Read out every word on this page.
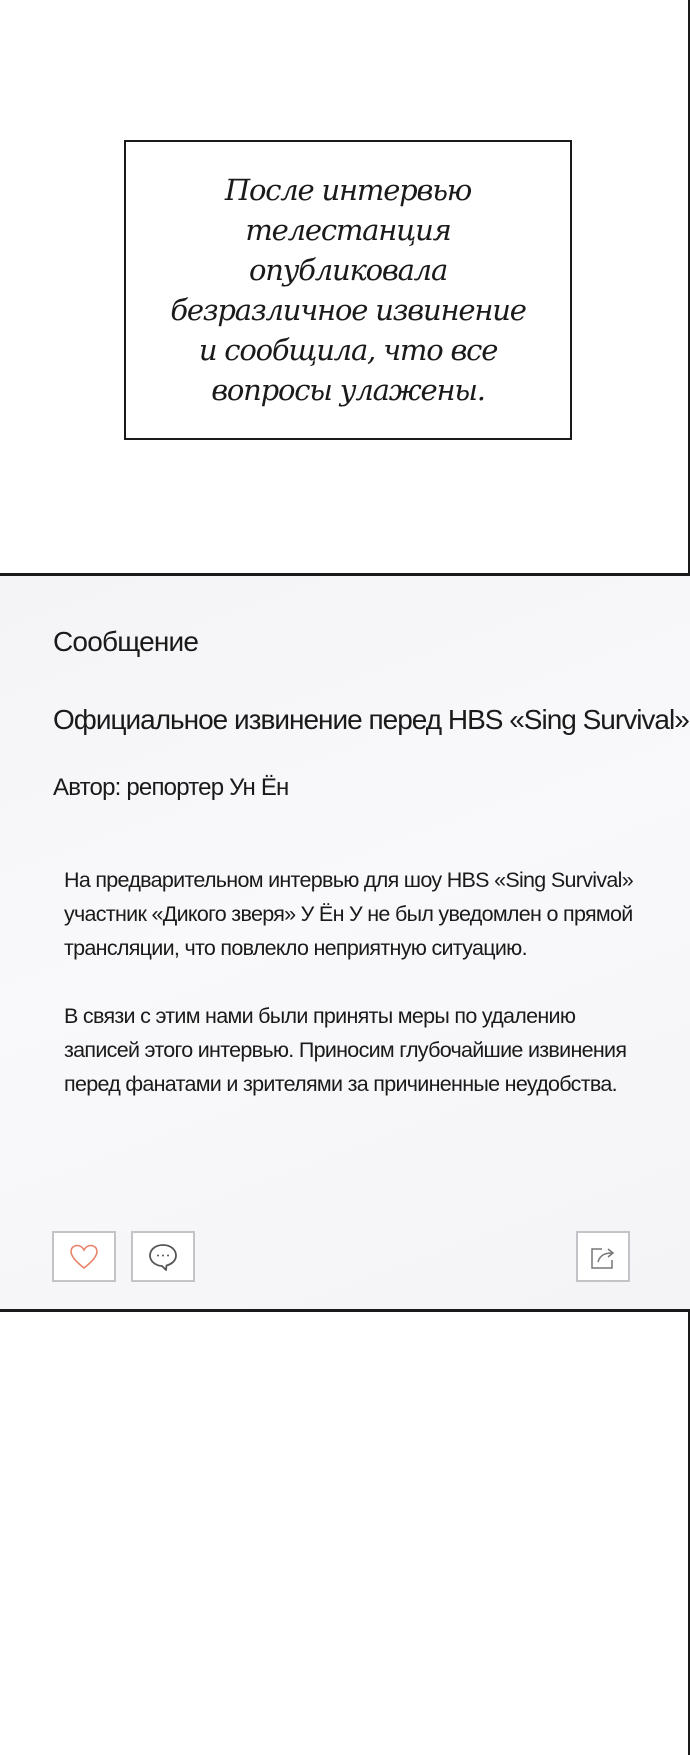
После интервью телестанция опубликовала безразличное извинение и сообщила, что все вопросы улажены.
Сообщение
Официальное извинение перед HBS «Sing Survival»
Автор: репортер Ун Ён

На предварительном интервью для шоу HBS «Sing Survival» участник «Дикого зверя» У Ён У не был уведомлен о прямой трансляции, что повлекло неприятную ситуацию.

В связи с этим нами были приняты меры по удалению записей этого интервью. Приносим глубочайшие извинения перед фанатами и зрителями за причиненные неудобства.
